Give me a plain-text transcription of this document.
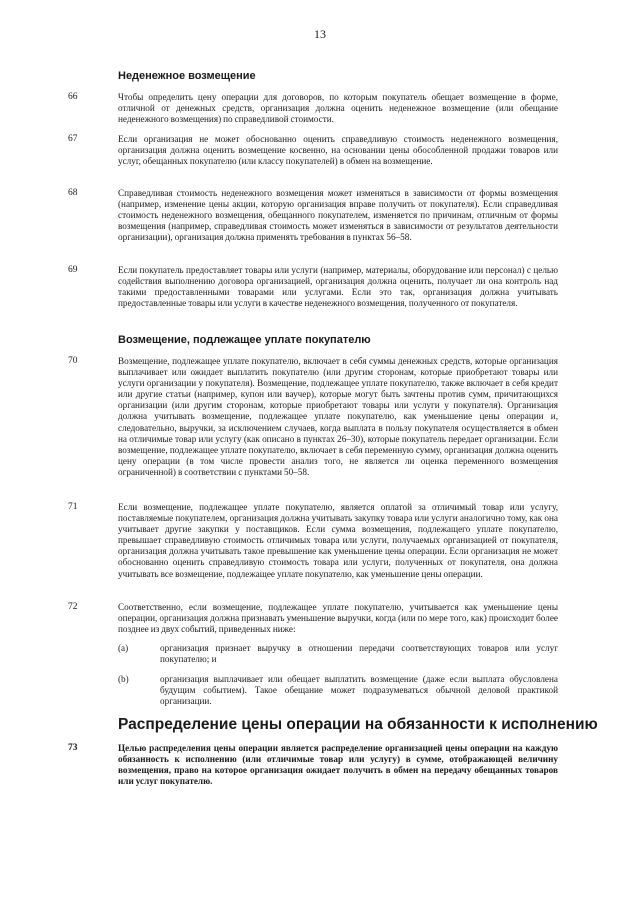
13
Неденежное возмещение
66	Чтобы определить цену операции для договоров, по которым покупатель обещает возмещение в форме, отличной от денежных средств, организация должна оценить неденежное возмещение (или обещание неденежного возмещения) по справедливой стоимости.
67	Если организация не может обоснованно оценить справедливую стоимость неденежного возмещения, организация должна оценить возмещение косвенно, на основании цены обособленной продажи товаров или услуг, обещанных покупателю (или классу покупателей) в обмен на возмещение.
68	Справедливая стоимость неденежного возмещения может изменяться в зависимости от формы возмещения (например, изменение цены акции, которую организация вправе получить от покупателя). Если справедливая стоимость неденежного возмещения, обещанного покупателем, изменяется по причинам, отличным от формы возмещения (например, справедливая стоимость может изменяться в зависимости от результатов деятельности организации), организация должна применять требования в пунктах 56–58.
69	Если покупатель предоставляет товары или услуги (например, материалы, оборудование или персонал) с целью содействия выполнению договора организацией, организация должна оценить, получает ли она контроль над такими предоставленными товарами или услугами. Если это так, организация должна учитывать предоставленные товары или услуги в качестве неденежного возмещения, полученного от покупателя.
Возмещение, подлежащее уплате покупателю
70	Возмещение, подлежащее уплате покупателю, включает в себя суммы денежных средств, которые организация выплачивает или ожидает выплатить покупателю (или другим сторонам, которые приобретают товары или услуги организации у покупателя). Возмещение, подлежащее уплате покупателю, также включает в себя кредит или другие статьи (например, купон или ваучер), которые могут быть зачтены против сумм, причитающихся организации (или другим сторонам, которые приобретают товары или услуги у покупателя). Организация должна учитывать возмещение, подлежащее уплате покупателю, как уменьшение цены операции и, следовательно, выручки, за исключением случаев, когда выплата в пользу покупателя осуществляется в обмен на отличимые товар или услугу (как описано в пунктах 26–30), которые покупатель передает организации. Если возмещение, подлежащее уплате покупателю, включает в себя переменную сумму, организация должна оценить цену операции (в том числе провести анализ того, не является ли оценка переменного возмещения ограниченной) в соответствии с пунктами 50–58.
71	Если возмещение, подлежащее уплате покупателю, является оплатой за отличимый товар или услугу, поставляемые покупателем, организация должна учитывать закупку товара или услуги аналогично тому, как она учитывает другие закупки у поставщиков. Если сумма возмещения, подлежащего уплате покупателю, превышает справедливую стоимость отличимых товара или услуги, получаемых организацией от покупателя, организация должна учитывать такое превышение как уменьшение цены операции. Если организация не может обоснованно оценить справедливую стоимость товара или услуги, полученных от покупателя, она должна учитывать все возмещение, подлежащее уплате покупателю, как уменьшение цены операции.
72	Соответственно, если возмещение, подлежащее уплате покупателю, учитывается как уменьшение цены операции, организация должна признавать уменьшение выручки, когда (или по мере того, как) происходит более позднее из двух событий, приведенных ниже:
(a)	организация признает выручку в отношении передачи соответствующих товаров или услуг покупателю; и
(b)	организация выплачивает или обещает выплатить возмещение (даже если выплата обусловлена будущим событием). Такое обещание может подразумеваться обычной деловой практикой организации.
Распределение цены операции на обязанности к исполнению
73	Целью распределения цены операции является распределение организацией цены операции на каждую обязанность к исполнению (или отличимые товар или услугу) в сумме, отображающей величину возмещения, право на которое организация ожидает получить в обмен на передачу обещанных товаров или услуг покупателю.
